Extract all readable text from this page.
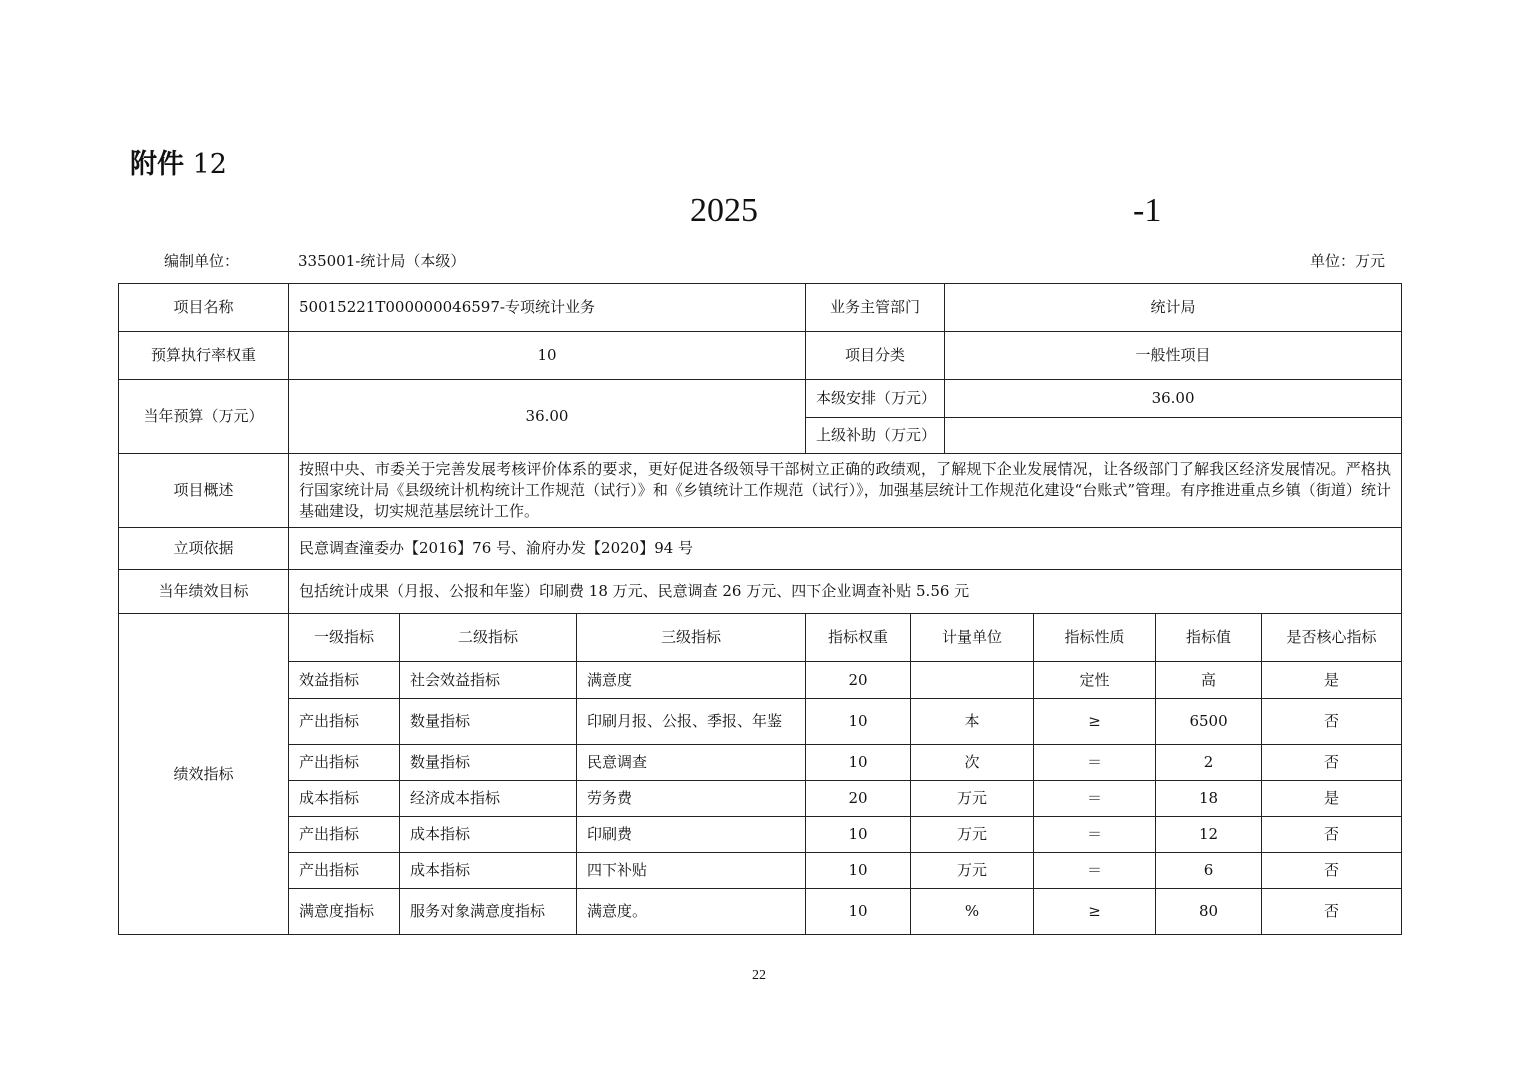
附件 12
2025	-1
编制单位：	335001-统计局（本级）	单位：万元
项目名称	50015221T000000046597-专项统计业务			业务主管部门		统计局			
预算执行率权重	10			项目分类		一般性项目			
当年预算（万元）	36.00			本级安排（万元）		36.00			
				上级补助（万元）					
项目概述	按照中央、市委关于完善发展考核评价体系的要求，更好促进各级领导干部树立正确的政绩观，了解规下企业发展情况，让各级部门了解我区经济发展情况。严格执行国家统计局《县级统计机构统计工作规范（试行）》和《乡镇统计工作规范（试行）》，加强基层统计工作规范化建设“台账式”管理。有序推进重点乡镇（街道）统计基础建设，切实规范基层统计工作。								
立项依据	民意调查潼委办【2016】76 号、渝府办发【2020】94 号								
当年绩效目标	包括统计成果（月报、公报和年鉴）印刷费 18 万元、民意调查 26 万元、四下企业调查补贴 5.56 元								
绩效指标	一级指标	二级指标	三级指标	指标权重	计量单位		指标性质	指标值	是否核心指标
	效益指标	社会效益指标	满意度	20			定性	高	是
	产出指标	数量指标	印刷月报、公报、季报、年鉴	10	本		≥	6500	否
	产出指标	数量指标	民意调查	10	次		＝	2	否
	成本指标	经济成本指标	劳务费	20	万元		＝	18	是
	产出指标	成本指标	印刷费	10	万元		＝	12	否
	产出指标	成本指标	四下补贴	10	万元		＝	6	否
	满意度指标	服务对象满意度指标	满意度。	10	%		≥	80	否
22
